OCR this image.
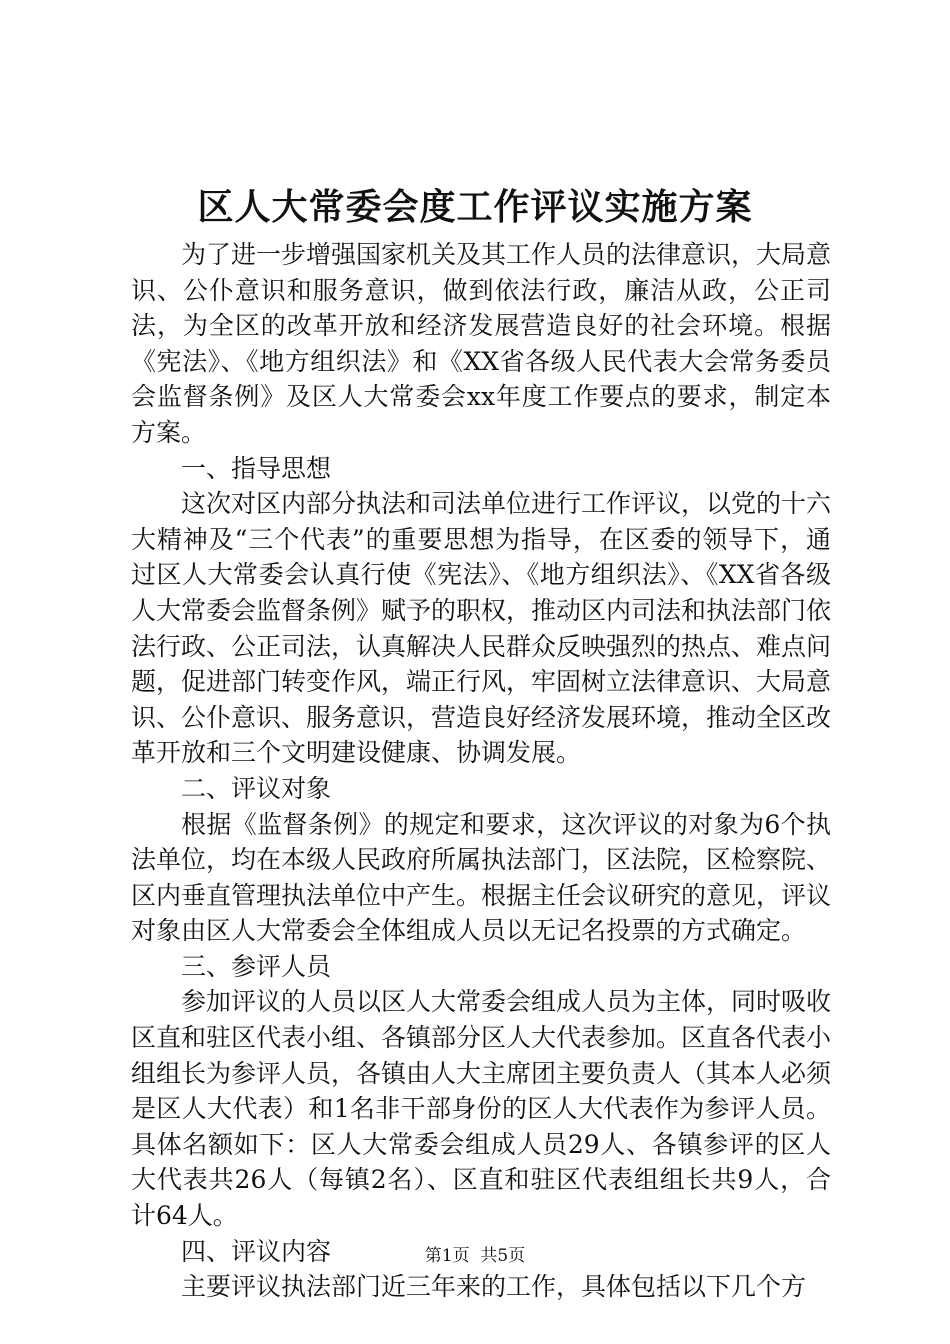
区人大常委会度工作评议实施方案

为了进一步增强国家机关及其工作人员的法律意识，大局意识、公仆意识和服务意识，做到依法行政，廉洁从政，公正司法，为全区的改革开放和经济发展营造良好的社会环境。根据《宪法》、《地方组织法》和《XX省各级人民代表大会常务委员会监督条例》及区人大常委会xx年度工作要点的要求，制定本方案。

一、指导思想

这次对区内部分执法和司法单位进行工作评议，以党的十六大精神及“三个代表”的重要思想为指导，在区委的领导下，通过区人大常委会认真行使《宪法》、《地方组织法》、《XX省各级人大常委会监督条例》赋予的职权，推动区内司法和执法部门依法行政、公正司法，认真解决人民群众反映强烈的热点、难点问题，促进部门转变作风，端正行风，牢固树立法律意识、大局意识、公仆意识、服务意识，营造良好经济发展环境，推动全区改革开放和三个文明建设健康、协调发展。

二、评议对象

根据《监督条例》的规定和要求，这次评议的对象为6个执法单位，均在本级人民政府所属执法部门，区法院，区检察院、区内垂直管理执法单位中产生。根据主任会议研究的意见，评议对象由区人大常委会全体组成人员以无记名投票的方式确定。

三、参评人员

参加评议的人员以区人大常委会组成人员为主体，同时吸收区直和驻区代表小组、各镇部分区人大代表参加。区直各代表小组组长为参评人员，各镇由人大主席团主要负责人（其本人必须是区人大代表）和1名非干部身份的区人大代表作为参评人员。具体名额如下：区人大常委会组成人员29人、各镇参评的区人大代表共26人（每镇2名）、区直和驻区代表组组长共9人，合计64人。

四、评议内容

主要评议执法部门近三年来的工作，具体包括以下几个方

第1页 共5页
